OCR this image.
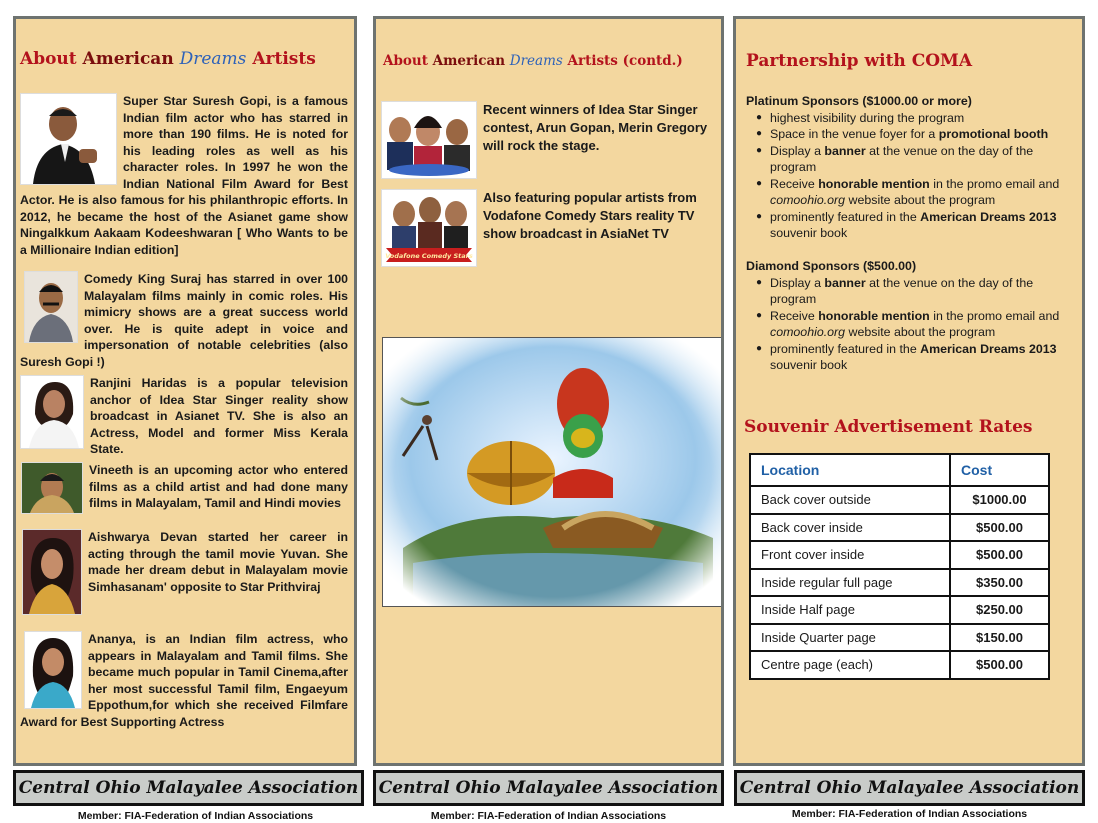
About American Dreams Artists
Super Star Suresh Gopi, is a famous Indian film actor who has starred in more than 190 films. He is noted for his leading roles as well as his character roles. In 1997 he won the Indian National Film Award for Best Actor. He is also famous for his philanthropic efforts. In 2012, he became the host of the Asianet game show Ningalkkum Aakaam Kodeeshwaran [ Who Wants to be a Millionaire Indian edition]
Comedy King Suraj has starred in over 100 Malayalam films mainly in comic roles. His mimicry shows are a great success world over. He is quite adept in voice and impersonation of notable celebrities (also Suresh Gopi !)
Ranjini Haridas is a popular television anchor of Idea Star Singer reality show broadcast in Asianet TV. She is also an Actress, Model and former Miss Kerala State.
Vineeth is an upcoming actor who entered films as a child artist and had done many films in Malayalam, Tamil and Hindi movies
Aishwarya Devan started her career in acting through the tamil movie Yuvan. She made her dream debut in Malayalam movie Simhasanam' opposite to Star Prithviraj
Ananya, is an Indian film actress, who appears in Malayalam and Tamil films. She became much popular in Tamil Cinema,after her most successful Tamil film, Engaeyum Eppothum,for which she received Filmfare Award for Best Supporting Actress
About American Dreams Artists (contd.)
Recent winners of Idea Star Singer contest, Arun Gopan, Merin Gregory will rock the stage.
Vodafone Comedy Stars
Also featuring popular artists from Vodafone Comedy Stars reality TV show broadcast in AsiaNet TV
Partnership with COMA
Platinum Sponsors ($1000.00 or more)
● highest visibility during the program
● Space in the venue foyer for a promotional booth
● Display a banner at the venue on the day of the program
● Receive honorable mention in the promo email and comoohio.org website about the program
● prominently featured in the American Dreams 2013 souvenir book
Diamond Sponsors ($500.00)
● Display a banner at the venue on the day of the program
● Receive honorable mention in the promo email and comoohio.org website about the program
● prominently featured in the American Dreams 2013 souvenir book
Souvenir Advertisement Rates
Location	Cost
Back cover outside	$1000.00
Back cover inside	$500.00
Front cover inside	$500.00
Inside regular full page	$350.00
Inside Half page	$250.00
Inside Quarter page	$150.00
Centre page (each)	$500.00
Central Ohio Malayalee Association	Central Ohio Malayalee Association	Central Ohio Malayalee Association
Member: FIA-Federation of Indian Associations	Member: FIA-Federation of Indian Associations	Member: FIA-Federation of Indian Associations
